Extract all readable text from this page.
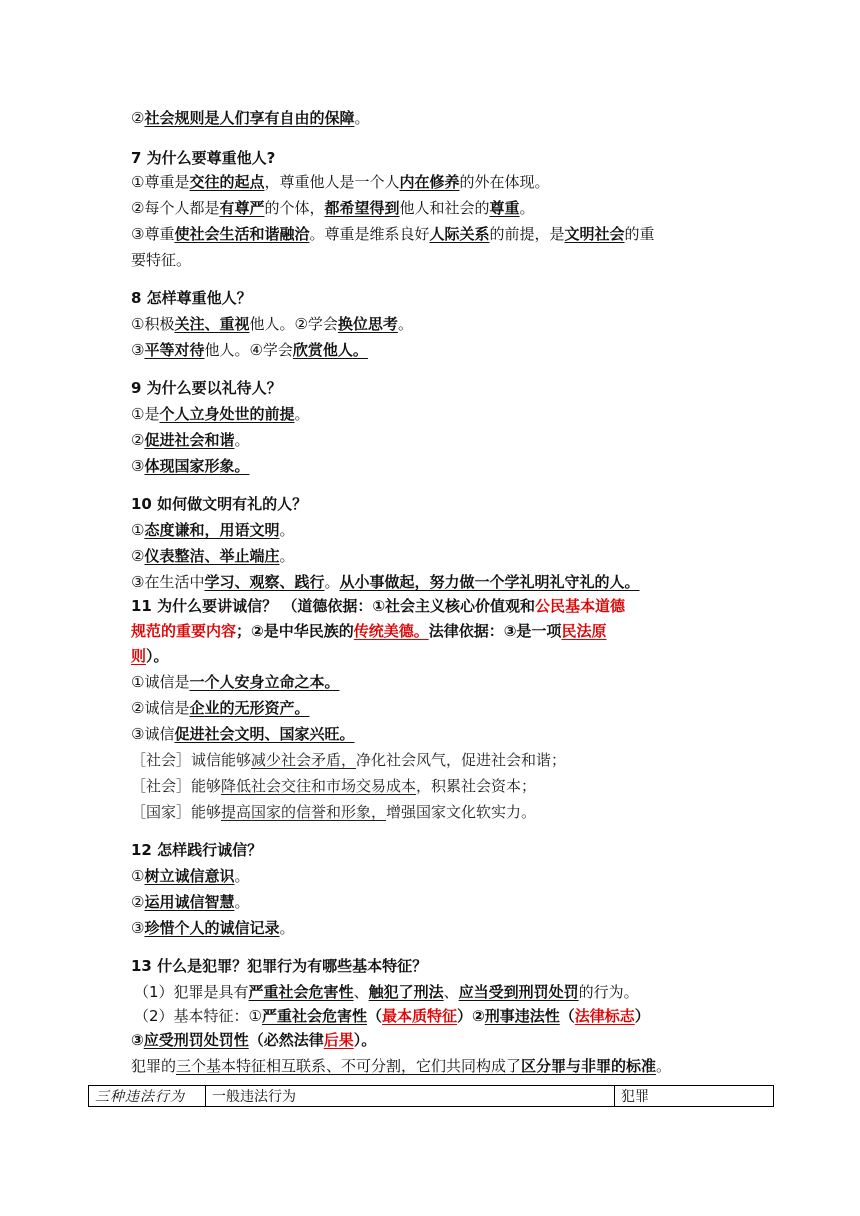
②社会规则是人们享有自由的保障。
7 为什么要尊重他人?
①尊重是交往的起点，尊重他人是一个人内在修养的外在体现。
②每个人都是有尊严的个体，都希望得到他人和社会的尊重。
③尊重使社会生活和谐融洽。尊重是维系良好人际关系的前提，是文明社会的重
要特征。
8 怎样尊重他人？
①积极关注、重视他人。②学会换位思考。
③平等对待他人。④学会欣赏他人。
9 为什么要以礼待人？
①是个人立身处世的前提。
②促进社会和谐。
③体现国家形象。
10 如何做文明有礼的人？
①态度谦和，用语文明。
②仪表整洁、举止端庄。
③在生活中学习、观察、践行。从小事做起，努力做一个学礼明礼守礼的人。
11 为什么要讲诚信？ （道德依据：①社会主义核心价值观和公民基本道德
规范的重要内容；②是中华民族的传统美德。法律依据：③是一项民法原
则）。
①诚信是一个人安身立命之本。
②诚信是企业的无形资产。
③诚信促进社会文明、国家兴旺。
［社会］诚信能够减少社会矛盾，净化社会风气，促进社会和谐；
［社会］能够降低社会交往和市场交易成本，积累社会资本；
［国家］能够提高国家的信誉和形象，增强国家文化软实力。
12 怎样践行诚信？
①树立诚信意识。
②运用诚信智慧。
③珍惜个人的诚信记录。
13 什么是犯罪？犯罪行为有哪些基本特征？
（1）犯罪是具有严重社会危害性、触犯了刑法、应当受到刑罚处罚的行为。
（2）基本特征：①严重社会危害性（最本质特征）②刑事违法性（法律标志）
③应受刑罚处罚性（必然法律后果）。
犯罪的三个基本特征相互联系、不可分割，它们共同构成了区分罪与非罪的标准。
三种违法行为	一般违法行为	犯罪
